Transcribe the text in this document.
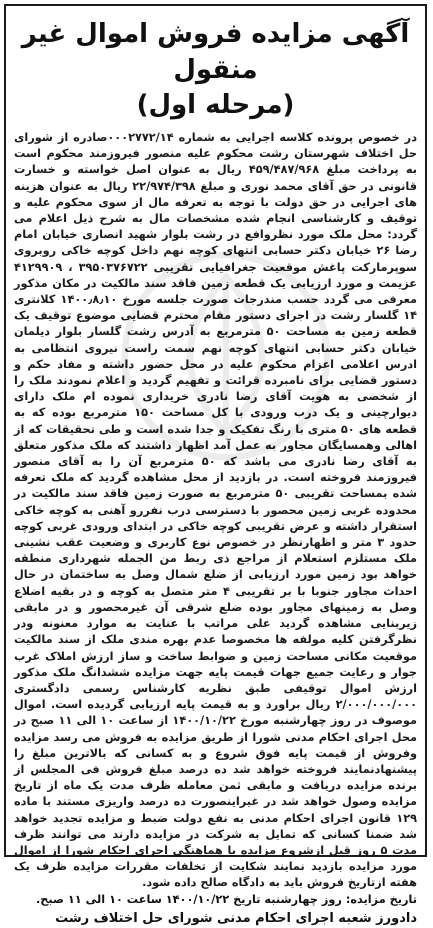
آگهی مزایده فروش اموال غیر منقول
(مرحله اول)
در خصوص پرونده کلاسه اجرایی به شماره ۰۰۰۲۷۷۲/۱۴صادره از شورای حل اختلاف شهرستان رشت محکوم علیه منصور فیروزمند محکوم است به پرداخت مبلغ ۴۵۹/۴۸۷/۹۶۸ ریال به عنوان اصل خواسته و خسارت قانونی در حق آقای محمد نوری و مبلغ ۲۲/۹۷۴/۳۹۸ ریال به عنوان هزینه های اجرایی در حق دولت با توجه به تعرفه مال از سوی محکوم علیه و توقیف و کارشناسی انجام شده مشخصات مال به شرح ذیل اعلام می گردد: محل ملک مورد نظروافع در رشت بلوار شهید انصاری خیابان امام رضا ۲۶ خیابان دکتر حسابی انتهای کوچه نهم داخل کوچه خاکی روبروی سوپرمارکت پاغش موقعیت جغرافیایی تقریبی ۳۹۵۰۳۷۶۷۲۲ ، ۴۱۲۹۹۰۹ عزیمت و مورد ارزیابی یک قطعه زمین فاقد سند مالکیت در مکان مذکور معرفی می گردد حسب مندرجات صورت جلسه مورخ ۱۴۰۰٫۸٫۱۰ کلانتری ۱۴ گلسار رشت در اجرای دستور مقام محترم قضایی موضوع توقیف یک قطعه زمین به مساحت ۵۰ مترمربع به آدرس رشت گلسار بلوار دیلمان خیابان دکتر حسابی انتهای کوچه نهم سمت راست نیروی انتظامی به ادرس اعلامی اعزام محکوم علیه در محل حضور داشته و مفاد حکم و دستور قضایی برای نامبرده قرائت و تفهیم گردید و اعلام نمودند ملک را از شخصی به هویت آقای رضا نادری خریداری نموده ام ملک دارای دیوارچینی و یک درب ورودی با کل مساحت ۱۵۰ مترمربع بوده که به قطعه های ۵۰ متری با رنگ تفکیک و جدا شده است و طی تحقیقات که از اهالی وهمسایگان مجاور به عمل آمد اظهار داشتند که ملک مذکور متعلق به آقای رضا نادری می باشد که ۵۰ مترمربع آن را به آقای منصور فیروزمند فروخته است. در بازدید از محل مشاهده گردید که ملک تعرفه شده بمساحت تقریبی ۵۰ مترمربع به صورت زمین فاقد سند مالکیت در محدوده غربی زمین محصور با دسترسی درب نفررو آهنی به کوچه خاکی استقرار داشته و عرض تقریبی کوچه خاکی در ابتدای ورودی غربی کوچه حدود ۳ متر و اظهارنظر در خصوص نوع کاربری و وضعیت عقب نشینی ملک مستلزم استعلام از مراجع ذی ربط من الجمله شهرداری منطقه خواهد بود زمین مورد ارزیابی از ضلع شمال وصل به ساختمان در حال احداث مجاور جنوبا با بر تقریبی ۴ متر متصل به کوچه و در بقیه اضلاع وصل به زمینهای مجاور بوده ضلع شرقی آن غیرمحصور و در مابقی زیربنایی مشاهده گردید علی مراتب با عنایت به موارد معنونه ودر نظرگرفتن کلیه مولفه ها مخصوصا عدم بهره مندی ملک از سند مالکیت موقعیت مکانی مساحت زمین و ضوابط ساخت و ساز ارزش املاک غرب جوار و رعایت جمیع جهات قیمت پایه جهت مزایده ششدانگ ملک مذکور ارزش اموال توقیفی طبق نظریه کارشناس رسمی دادگستری ۲/۰۰۰/۰۰۰/۰۰۰ ریال براورد و به قیمت پایه ارزیابی گردیده است. اموال موصوف در روز چهارشنبه مورخ ۱۴۰۰/۱۰/۲۲ از ساعت ۱۰ الی ۱۱ صبح در محل اجرای احکام مدنی شورا از طریق مزایده به فروش می رسد مزایده وفروش از قیمت پایه فوق شروع و به کسانی که بالاترین مبلغ را پیشنهادنمایند فروخته خواهد شد ده درصد مبلغ فروش فی المجلس از برنده مزایده دریافت و مابقی ثمن معامله ظرف مدت یک ماه از تاریخ مزایده وصول خواهد شد در غیراینصورت ده درصد واریزی مستند با ماده ۱۲۹ قانون اجرای احکام مدنی به نفع دولت ضبط و مزایده تجدید خواهد شد ضمنا کسانی که تمایل به شرکت در مزایده دارند می توانند ظرف مدت ۵ روز قبل ازشروع مزایده با هماهنگی اجرای احکام شورا از اموال مورد مزایده بازدید نمایند شکایت از تخلفات مقررات مزایده ظرف یک هفته ازتاریخ فروش باید به دادگاه صالح داده شود.
تاریخ مزایده: روز چهارشنبه تاریخ ۱۴۰۰/۱۰/۲۲ ساعت ۱۰ الی ۱۱ صبح.
دادورز شعبه اجرای احکام مدنی شورای حل اختلاف رشت
